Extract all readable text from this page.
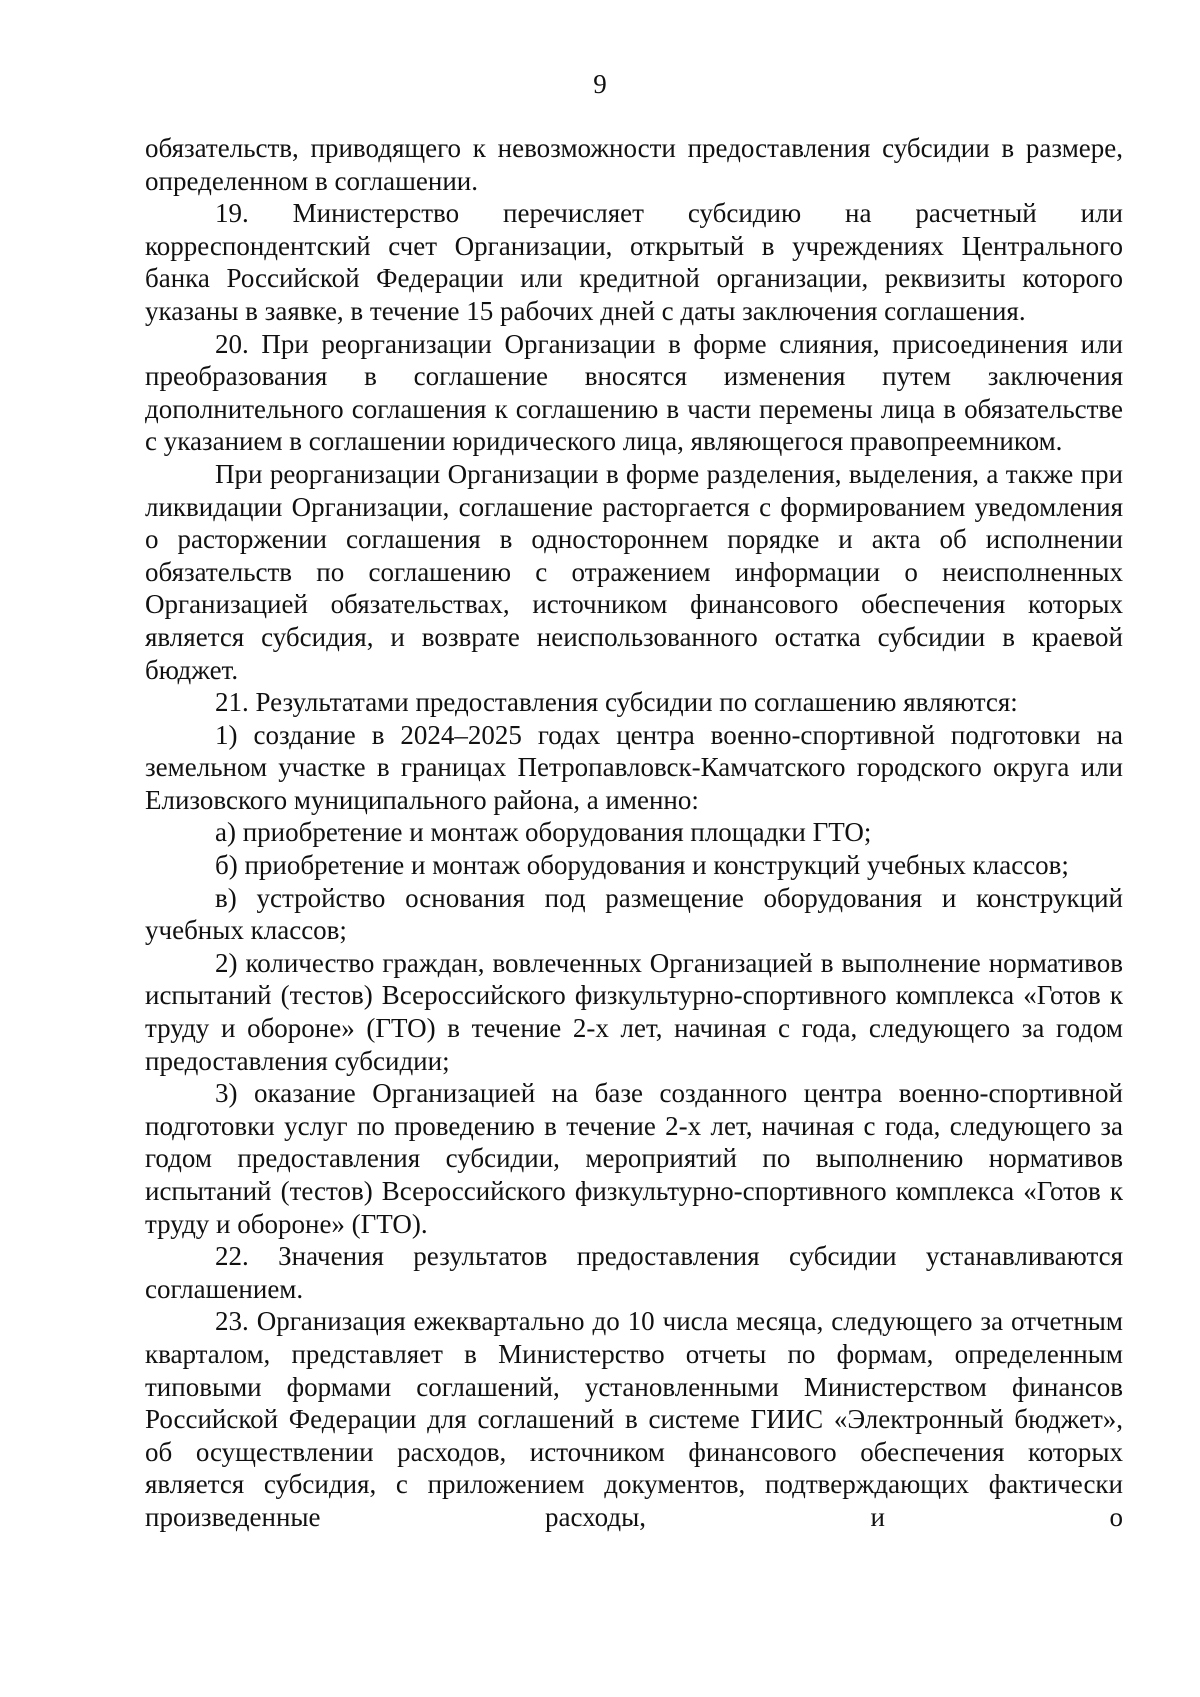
9

обязательств, приводящего к невозможности предоставления субсидии в размере, определенном в соглашении.

19. Министерство перечисляет субсидию на расчетный или корреспондентский счет Организации, открытый в учреждениях Центрального банка Российской Федерации или кредитной организации, реквизиты которого указаны в заявке, в течение 15 рабочих дней с даты заключения соглашения.

20. При реорганизации Организации в форме слияния, присоединения или преобразования в соглашение вносятся изменения путем заключения дополнительного соглашения к соглашению в части перемены лица в обязательстве с указанием в соглашении юридического лица, являющегося правопреемником.

При реорганизации Организации в форме разделения, выделения, а также при ликвидации Организации, соглашение расторгается с формированием уведомления о расторжении соглашения в одностороннем порядке и акта об исполнении обязательств по соглашению с отражением информации о неисполненных Организацией обязательствах, источником финансового обеспечения которых является субсидия, и возврате неиспользованного остатка субсидии в краевой бюджет.

21. Результатами предоставления субсидии по соглашению являются:

1) создание в 2024–2025 годах центра военно-спортивной подготовки на земельном участке в границах Петропавловск-Камчатского городского округа или Елизовского муниципального района, а именно:

а) приобретение и монтаж оборудования площадки ГТО;

б) приобретение и монтаж оборудования и конструкций учебных классов;

в) устройство основания под размещение оборудования и конструкций учебных классов;

2) количество граждан, вовлеченных Организацией в выполнение нормативов испытаний (тестов) Всероссийского физкультурно-спортивного комплекса «Готов к труду и обороне» (ГТО) в течение 2-х лет, начиная с года, следующего за годом предоставления субсидии;

3) оказание Организацией на базе созданного центра военно-спортивной подготовки услуг по проведению в течение 2-х лет, начиная с года, следующего за годом предоставления субсидии, мероприятий по выполнению нормативов испытаний (тестов) Всероссийского физкультурно-спортивного комплекса «Готов к труду и обороне» (ГТО).

22. Значения результатов предоставления субсидии устанавливаются соглашением.

23. Организация ежеквартально до 10 числа месяца, следующего за отчетным кварталом, представляет в Министерство отчеты по формам, определенным типовыми формами соглашений, установленными Министерством финансов Российской Федерации для соглашений в системе ГИИС «Электронный бюджет», об осуществлении расходов, источником финансового обеспечения которых является субсидия, с приложением документов, подтверждающих фактически произведенные расходы, и о
